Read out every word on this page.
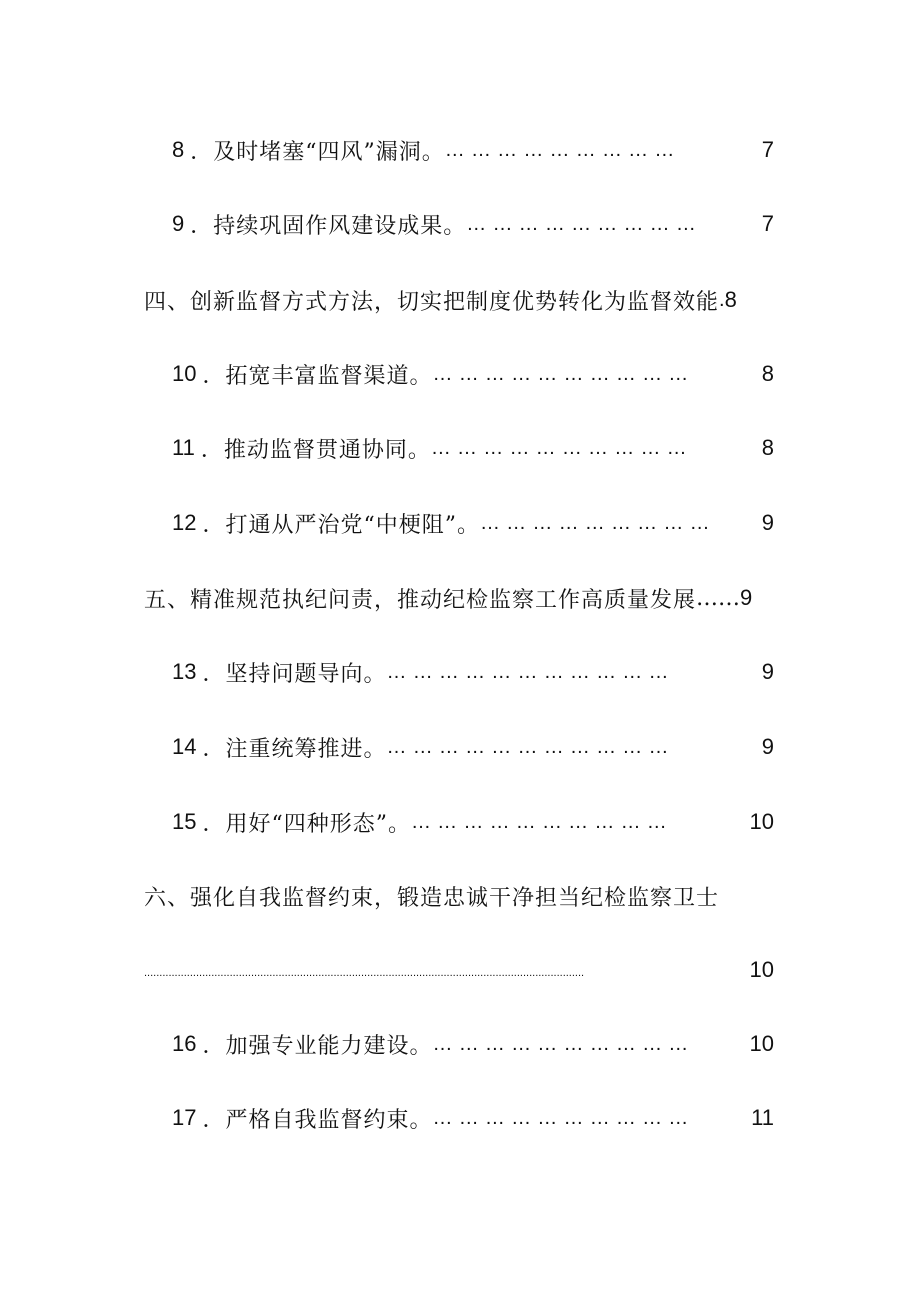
8 ．及时堵塞“四风”漏洞。 ………………………	7
9 ．持续巩固作风建设成果。 ………………………	7
四、创新监督方式方法，切实把制度优势转化为监督效能 . 8
10 ．拓宽丰富监督渠道。 …………………………	8
11 ．推动监督贯通协同。 …………………………	8
12 ．打通从严治党“中梗阻”。 ………………………	9
五、精准规范执纪问责，推动纪检监察工作高质量发展 …… 9
13 ．坚持问题导向。 ……………………………	9
14 ．注重统筹推进。 ……………………………	9
15 ．用好“四种形态”。 …………………………	10
六、强化自我监督约束，锻造忠诚干净担当纪检监察卫士
................................................................................................................................................	10
16 ．加强专业能力建设。 …………………………	10
17 ．严格自我监督约束。 …………………………	11
